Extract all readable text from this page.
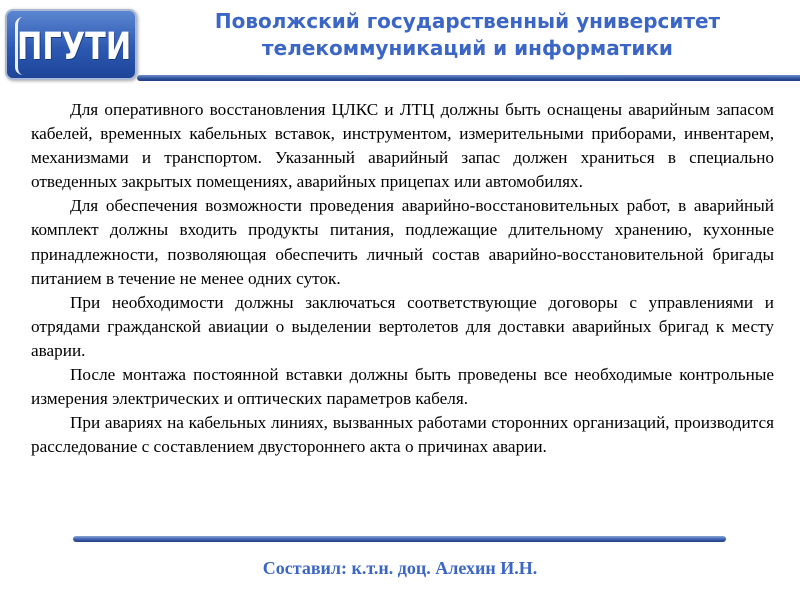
ПГУТИ
Поволжский государственный университет
телекоммуникаций и информатики

Для оперативного восстановления ЦЛКС и ЛТЦ должны быть оснащены аварийным запасом кабелей, временных кабельных вставок, инструментом, измерительными приборами, инвентарем, механизмами и транспортом. Указанный аварийный запас должен храниться в специально отведенных закрытых помещениях, аварийных прицепах или автомобилях.

Для обеспечения возможности проведения аварийно-восстановительных работ, в аварийный комплект должны входить продукты питания, подлежащие длительному хранению, кухонные принадлежности, позволяющая обеспечить личный состав аварийно-восстановительной бригады питанием в течение не менее одних суток.

При необходимости должны заключаться соответствующие договоры с управлениями и отрядами гражданской авиации о выделении вертолетов для доставки аварийных бригад к месту аварии.

После монтажа постоянной вставки должны быть проведены все необходимые контрольные измерения электрических и оптических параметров кабеля.

При авариях на кабельных линиях, вызванных работами сторонних организаций, производится расследование с составлением двустороннего акта о причинах аварии.

Составил: к.т.н. доц. Алехин И.Н.
